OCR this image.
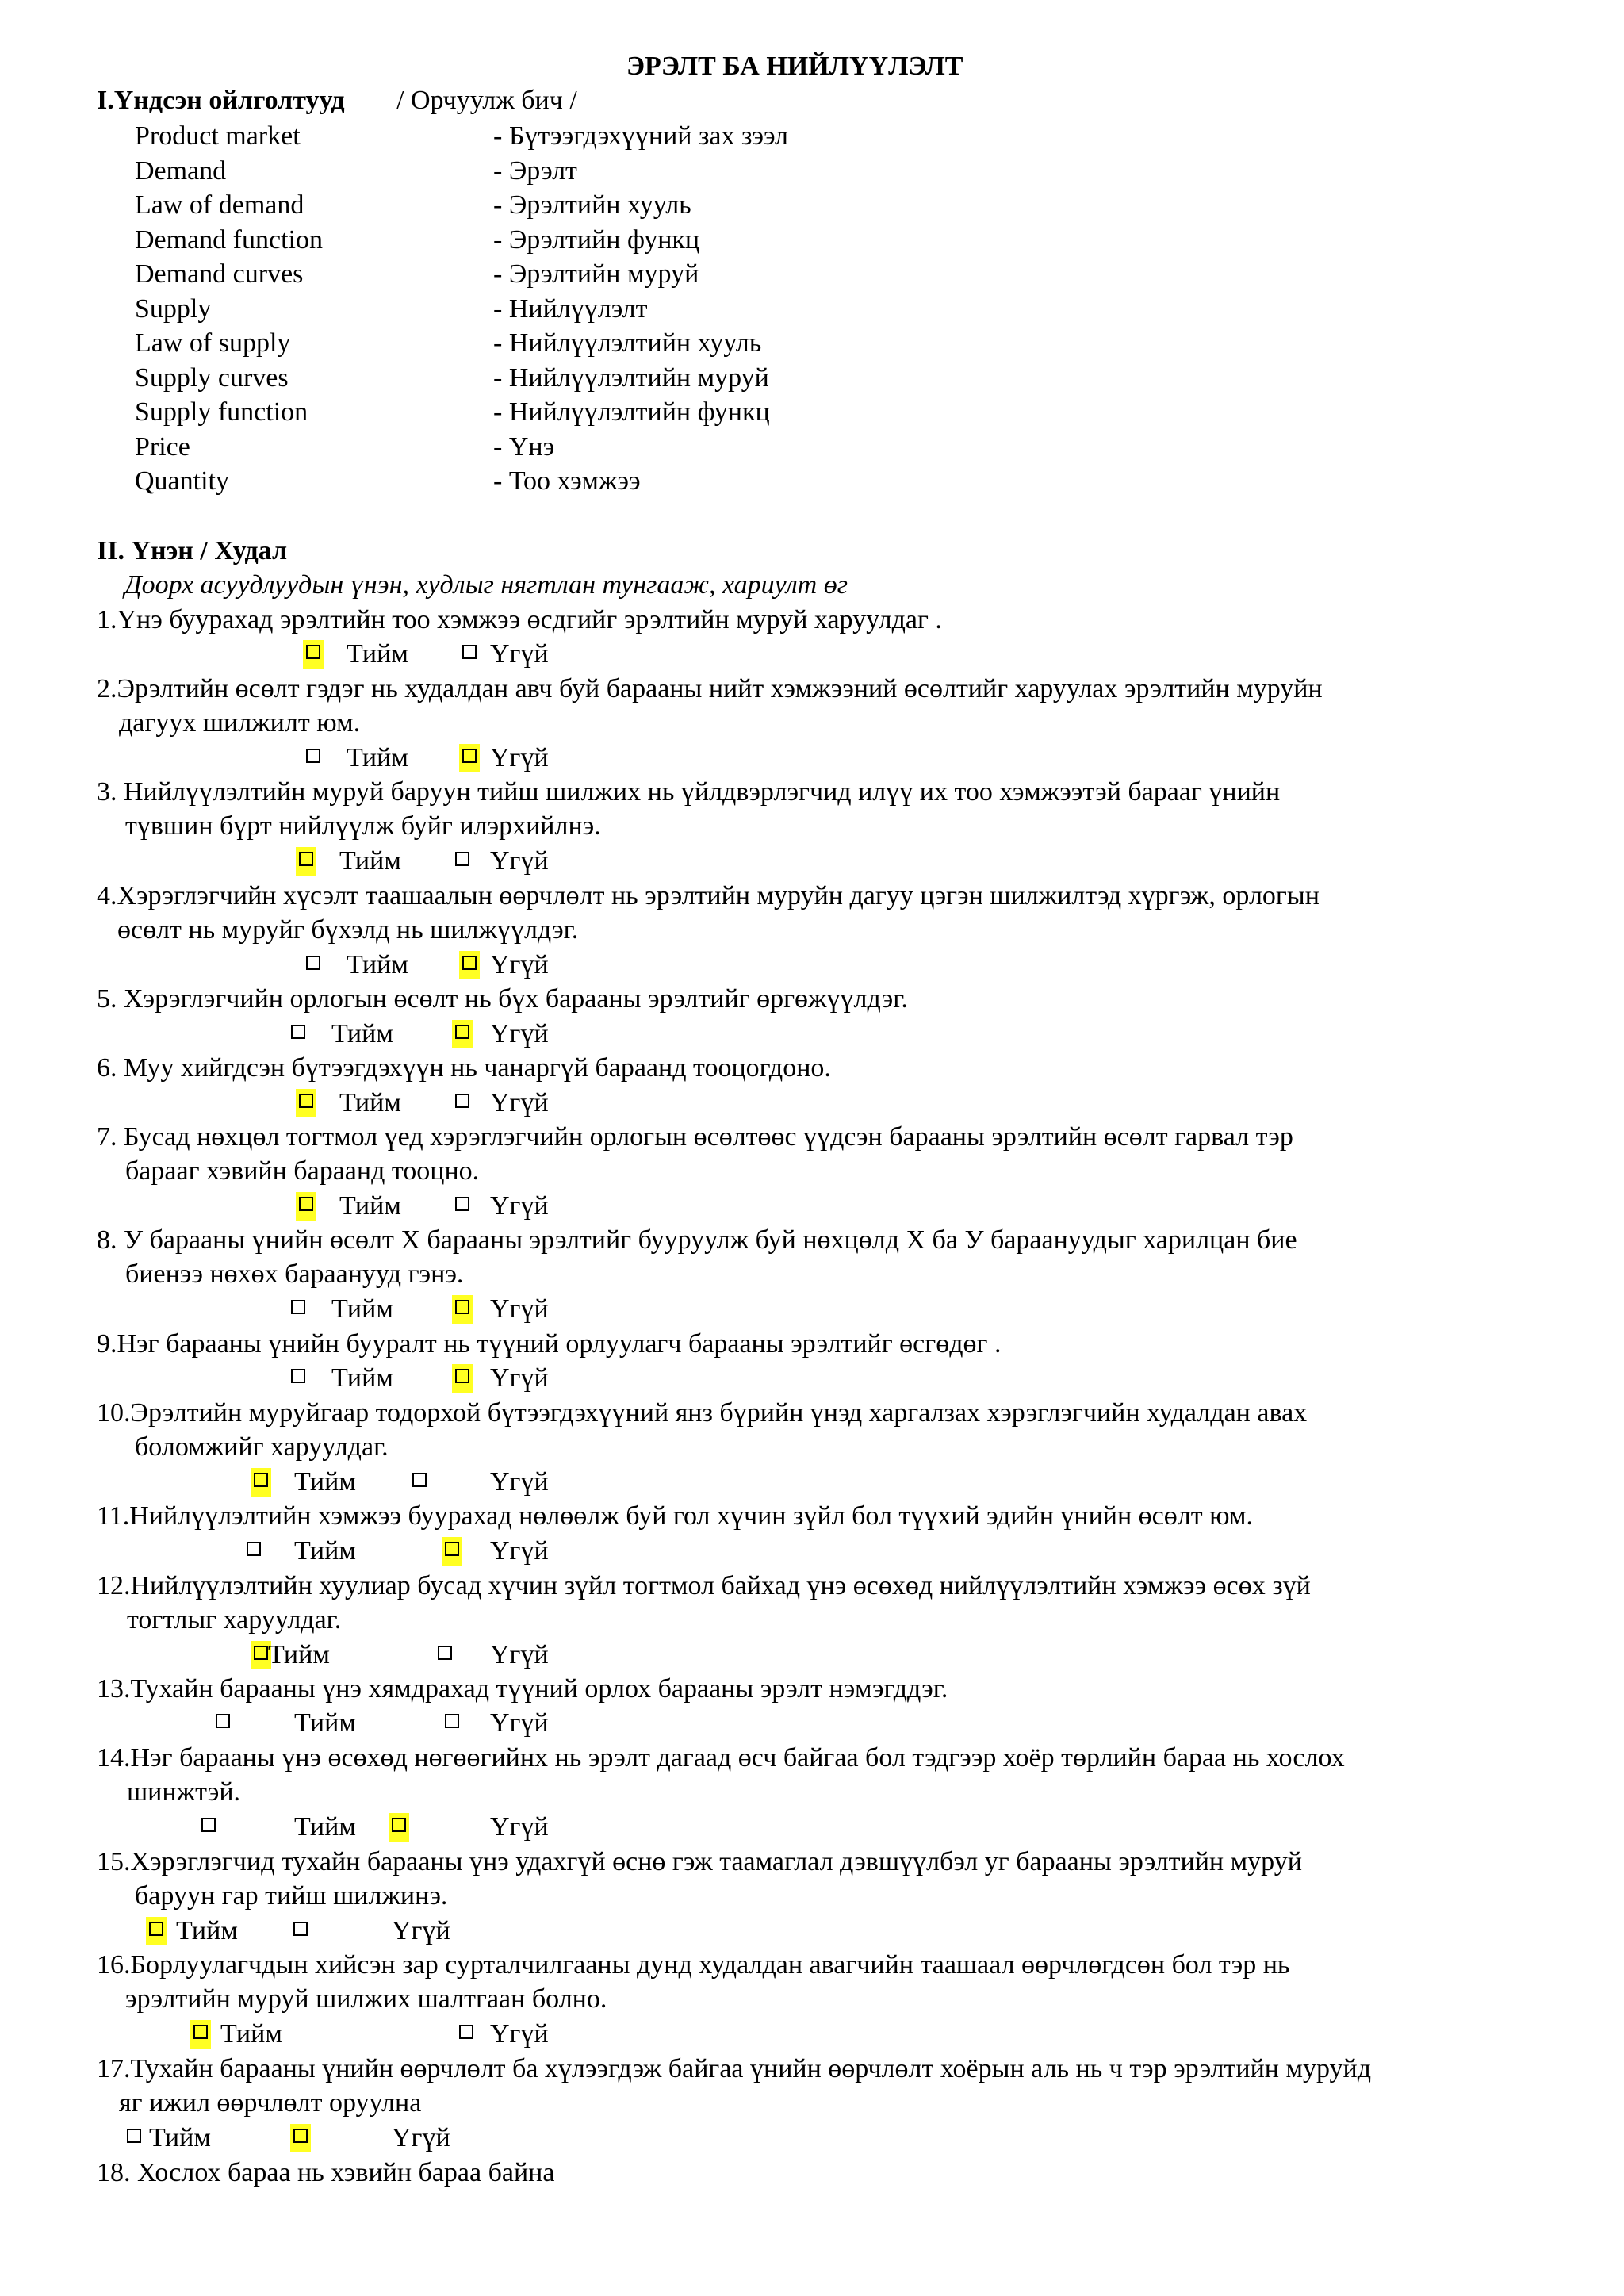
ЭРЭЛТ БА НИЙЛҮҮЛЭЛТ
I.Үндсэн ойлголтууд / Орчуулж бич /
Product market	- Бүтээгдэхүүний зах зээл
Demand	- Эрэлт
Law of demand	- Эрэлтийн хууль
Demand function	- Эрэлтийн функц
Demand curves	- Эрэлтийн муруй
Supply	- Нийлүүлэлт
Law of supply	- Нийлүүлэлтийн хууль
Supply curves	- Нийлүүлэлтийн муруй
Supply function	- Нийлүүлэлтийн функц
Price	- Үнэ
Quantity	- Тоо хэмжээ
II. Үнэн / Худал
Доорх асуудлуудын үнэн, худлыг нягтлан тунгааж, хариулт өг
1.Үнэ буурахад эрэлтийн тоо хэмжээ өсдгийг эрэлтийн муруй харуулдаг .
Тийм	Үгүй
2.Эрэлтийн өсөлт гэдэг нь худалдан авч буй барааны нийт хэмжээний өсөлтийг харуулах эрэлтийн муруйн
дагуух шилжилт юм.
Тийм	Үгүй
3. Нийлүүлэлтийн муруй баруун тийш шилжих нь үйлдвэрлэгчид илүү их тоо хэмжээтэй барааг үнийн
түвшин бүрт нийлүүлж буйг илэрхийлнэ.
Тийм	Үгүй
4.Хэрэглэгчийн хүсэлт таашаалын өөрчлөлт нь эрэлтийн муруйн дагуу цэгэн шилжилтэд хүргэж, орлогын
өсөлт нь муруйг бүхэлд нь шилжүүлдэг.
Тийм	Үгүй
5. Хэрэглэгчийн орлогын өсөлт нь бүх барааны эрэлтийг өргөжүүлдэг.
Тийм	Үгүй
6. Муу хийгдсэн бүтээгдэхүүн нь чанаргүй бараанд тооцогдоно.
Тийм	Үгүй
7. Бусад нөхцөл тогтмол үед хэрэглэгчийн орлогын өсөлтөөс үүдсэн барааны эрэлтийн өсөлт гарвал тэр
барааг хэвийн бараанд тооцно.
Тийм	Үгүй
8. У барааны үнийн өсөлт Х барааны эрэлтийг бууруулж буй нөхцөлд Х ба У бараануудыг харилцан бие
биенээ нөхөх бараанууд гэнэ.
Тийм	Үгүй
9.Нэг барааны үнийн бууралт нь түүний орлуулагч барааны эрэлтийг өсгөдөг .
Тийм	Үгүй
10.Эрэлтийн муруйгаар тодорхой бүтээгдэхүүний янз бүрийн үнэд харгалзах хэрэглэгчийн худалдан авах
боломжийг харуулдаг.
Тийм	Үгүй
11.Нийлүүлэлтийн хэмжээ буурахад нөлөөлж буй гол хүчин зүйл бол түүхий эдийн үнийн өсөлт юм.
Тийм	Үгүй
12.Нийлүүлэлтийн хуулиар бусад хүчин зүйл тогтмол байхад үнэ өсөхөд нийлүүлэлтийн хэмжээ өсөх зүй
тогтлыг харуулдаг.
Тийм	Үгүй
13.Тухайн барааны үнэ хямдрахад түүний орлох барааны эрэлт нэмэгддэг.
Тийм	Үгүй
14.Нэг барааны үнэ өсөхөд нөгөөгийнх нь эрэлт дагаад өсч байгаа бол тэдгээр хоёр төрлийн бараа нь хослох
шинжтэй.
Тийм	Үгүй
15.Хэрэглэгчид тухайн барааны үнэ удахгүй өснө гэж таамаглал дэвшүүлбэл уг барааны эрэлтийн муруй
баруун гар тийш шилжинэ.
Тийм	Үгүй
16.Борлуулагчдын хийсэн зар сурталчилгааны дунд худалдан авагчийн таашаал өөрчлөгдсөн бол тэр нь
эрэлтийн муруй шилжих шалтгаан болно.
Тийм	Үгүй
17.Тухайн барааны үнийн өөрчлөлт ба хүлээгдэж байгаа үнийн өөрчлөлт хоёрын аль нь ч тэр эрэлтийн муруйд
яг ижил өөрчлөлт оруулна
Тийм	Үгүй
18. Хослох бараа нь хэвийн бараа байна
